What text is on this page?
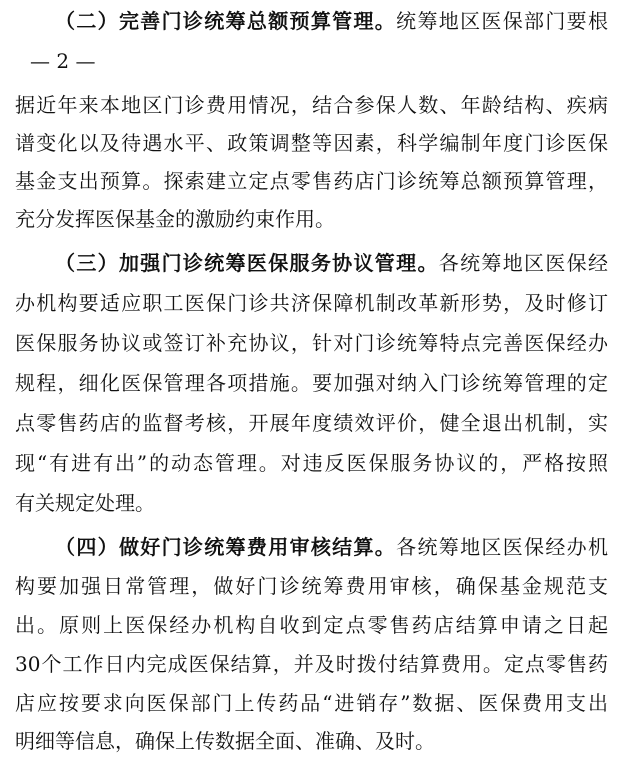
（二）完善门诊统筹总额预算管理。统筹地区医保部门要根
— 2 —
据近年来本地区门诊费用情况，结合参保人数、年龄结构、疾病
谱变化以及待遇水平、政策调整等因素，科学编制年度门诊医保
基金支出预算。探索建立定点零售药店门诊统筹总额预算管理，
充分发挥医保基金的激励约束作用。
（三）加强门诊统筹医保服务协议管理。各统筹地区医保经
办机构要适应职工医保门诊共济保障机制改革新形势，及时修订
医保服务协议或签订补充协议，针对门诊统筹特点完善医保经办
规程，细化医保管理各项措施。要加强对纳入门诊统筹管理的定
点零售药店的监督考核，开展年度绩效评价，健全退出机制，实
现“有进有出”的动态管理。对违反医保服务协议的，严格按照
有关规定处理。
（四）做好门诊统筹费用审核结算。各统筹地区医保经办机
构要加强日常管理，做好门诊统筹费用审核，确保基金规范支
出。原则上医保经办机构自收到定点零售药店结算申请之日起
30个工作日内完成医保结算，并及时拨付结算费用。定点零售药
店应按要求向医保部门上传药品“进销存”数据、医保费用支出
明细等信息，确保上传数据全面、准确、及时。
